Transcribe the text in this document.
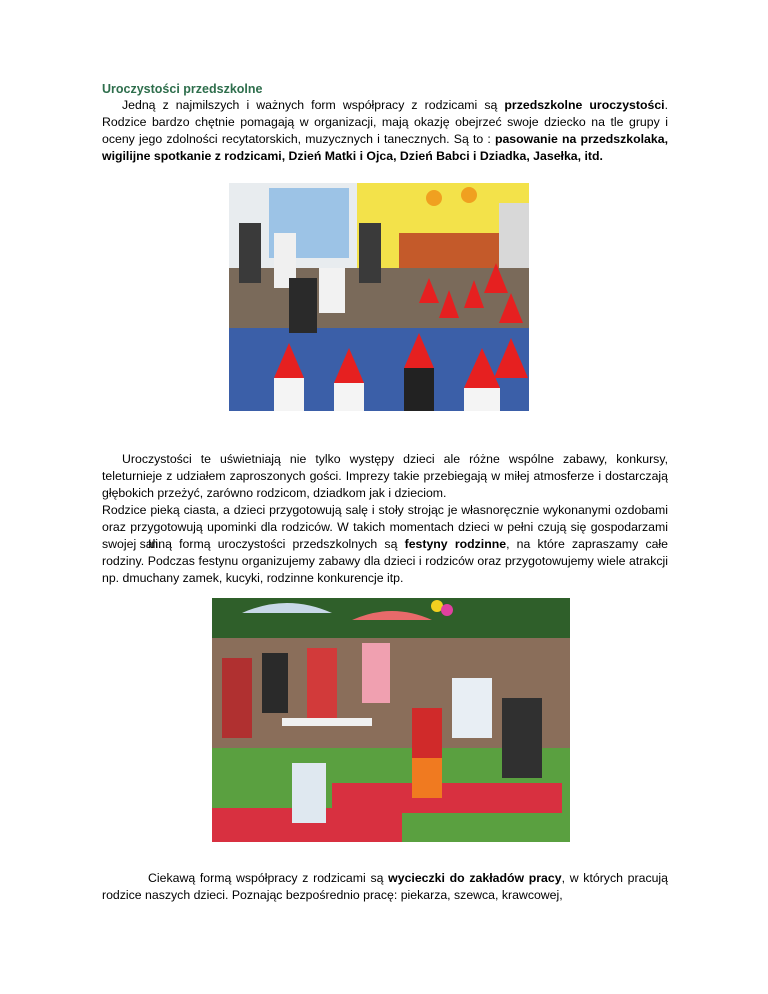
Uroczystości przedszkolne
Jedną z najmilszych i ważnych form współpracy z rodzicami są przedszkolne uroczystości. Rodzice bardzo chętnie pomagają w organizacji, mają okazję obejrzeć swoje dziecko na tle grupy i oceny jego zdolności recytatorskich, muzycznych i tanecznych. Są to : pasowanie na przedszkolaka, wigilijne spotkanie z rodzicami, Dzień Matki i Ojca, Dzień Babci i Dziadka, Jasełka, itd.
Uroczystości te uświetniają nie tylko występy dzieci ale różne wspólne zabawy, konkursy, teleturnieje z udziałem zaproszonych gości. Imprezy takie przebiegają w miłej atmosferze i dostarczają głębokich przeżyć, zarówno rodzicom, dziadkom jak i dzieciom.
Rodzice pieką ciasta, a dzieci przygotowują salę i stoły strojąc je własnoręcznie wykonanymi ozdobami oraz przygotowują upominki dla rodziców. W takich momentach dzieci w pełni czują się gospodarzami swojej sali.
Inną formą uroczystości przedszkolnych są festyny rodzinne, na które zapraszamy całe rodziny. Podczas festynu organizujemy zabawy dla dzieci i rodziców oraz przygotowujemy wiele atrakcji np. dmuchany zamek, kucyki, rodzinne konkurencje itp.
Ciekawą formą współpracy z rodzicami są wycieczki do zakładów pracy, w których pracują rodzice naszych dzieci. Poznając bezpośrednio pracę: piekarza, szewca, krawcowej,
